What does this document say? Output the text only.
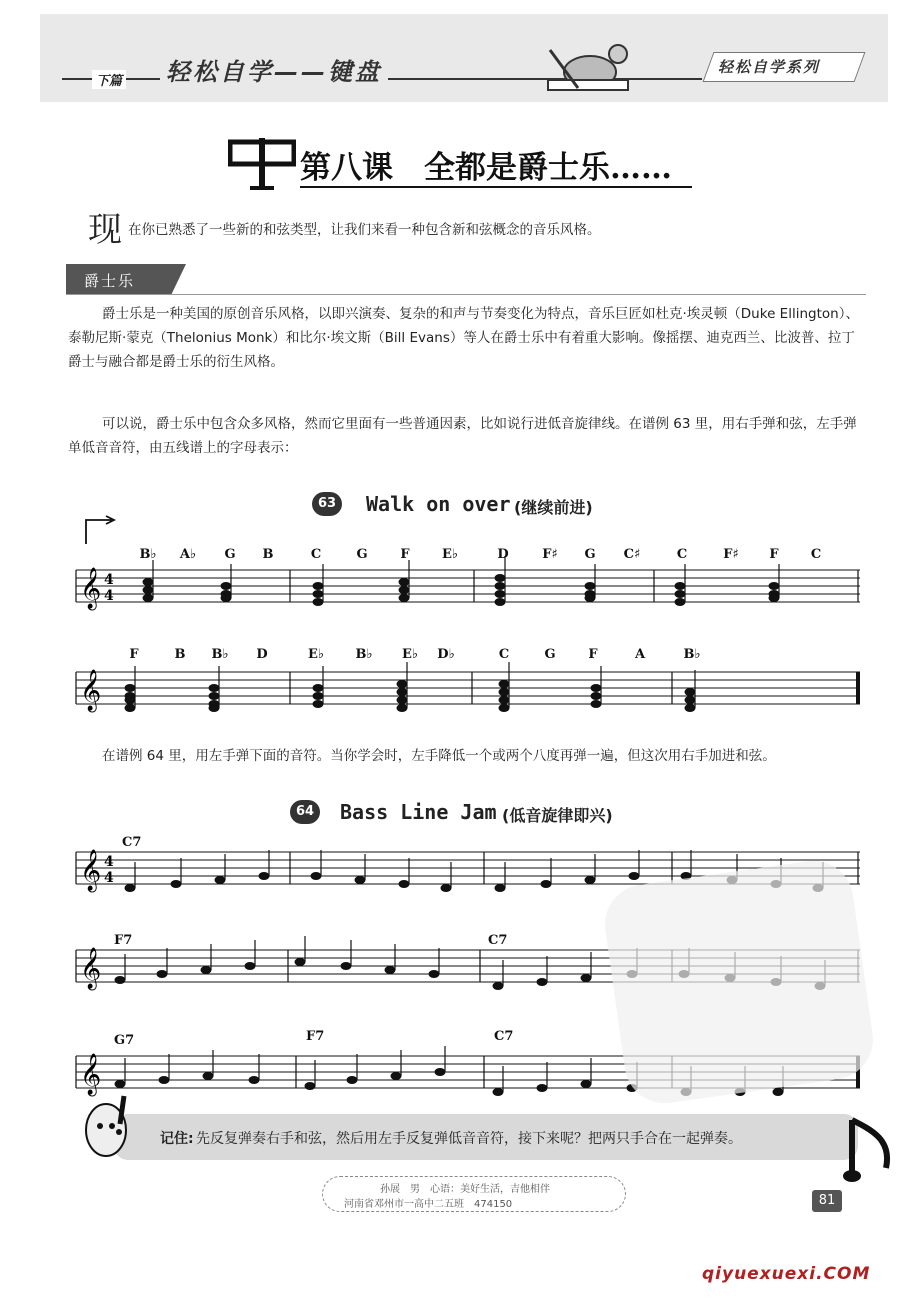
下篇 轻松自学——键盘	轻松自学系列
第八课　全都是爵士乐……
现 在你已熟悉了一些新的和弦类型，让我们来看一种包含新和弦概念的音乐风格。
爵士乐
爵士乐是一种美国的原创音乐风格，以即兴演奏、复杂的和声与节奏变化为特点，音乐巨匠如杜克·埃灵顿（Duke Ellington）、泰勒尼斯·蒙克（Thelonius Monk）和比尔·埃文斯（Bill Evans）等人在爵士乐中有着重大影响。像摇摆、迪克西兰、比波普、拉丁爵士与融合都是爵士乐的衍生风格。
可以说，爵士乐中包含众多风格，然而它里面有一些普通因素，比如说行进低音旋律线。在谱例 63 里，用右手弹和弦，左手弹单低音音符，由五线谱上的字母表示：
63 Walk on over (继续前进)
在谱例 64 里，用左手弹下面的音符。当你学会时，左手降低一个或两个八度再弹一遍，但这次用右手加进和弦。
64 Bass Line Jam (低音旋律即兴)
𝄞 4
4
𝄞
𝄞 4
4
𝄞
𝄞
B♭ A♭ G B	C	G	F E♭	D	F♯ G C♯	C	F♯ F C
F	B B♭ D	E♭ B♭ E♭ D♭	C	G	F	A	B♭
C7
F7	C7
G7	F7	C7
记住: 先反复弹奏右手和弦，然后用左手反复弹低音音符，接下来呢？把两只手合在一起弹奏。
孙展　男　心语：美好生活，吉他相伴
河南省邓州市一高中二五班　474150	81
qiyuexuexi.COM
